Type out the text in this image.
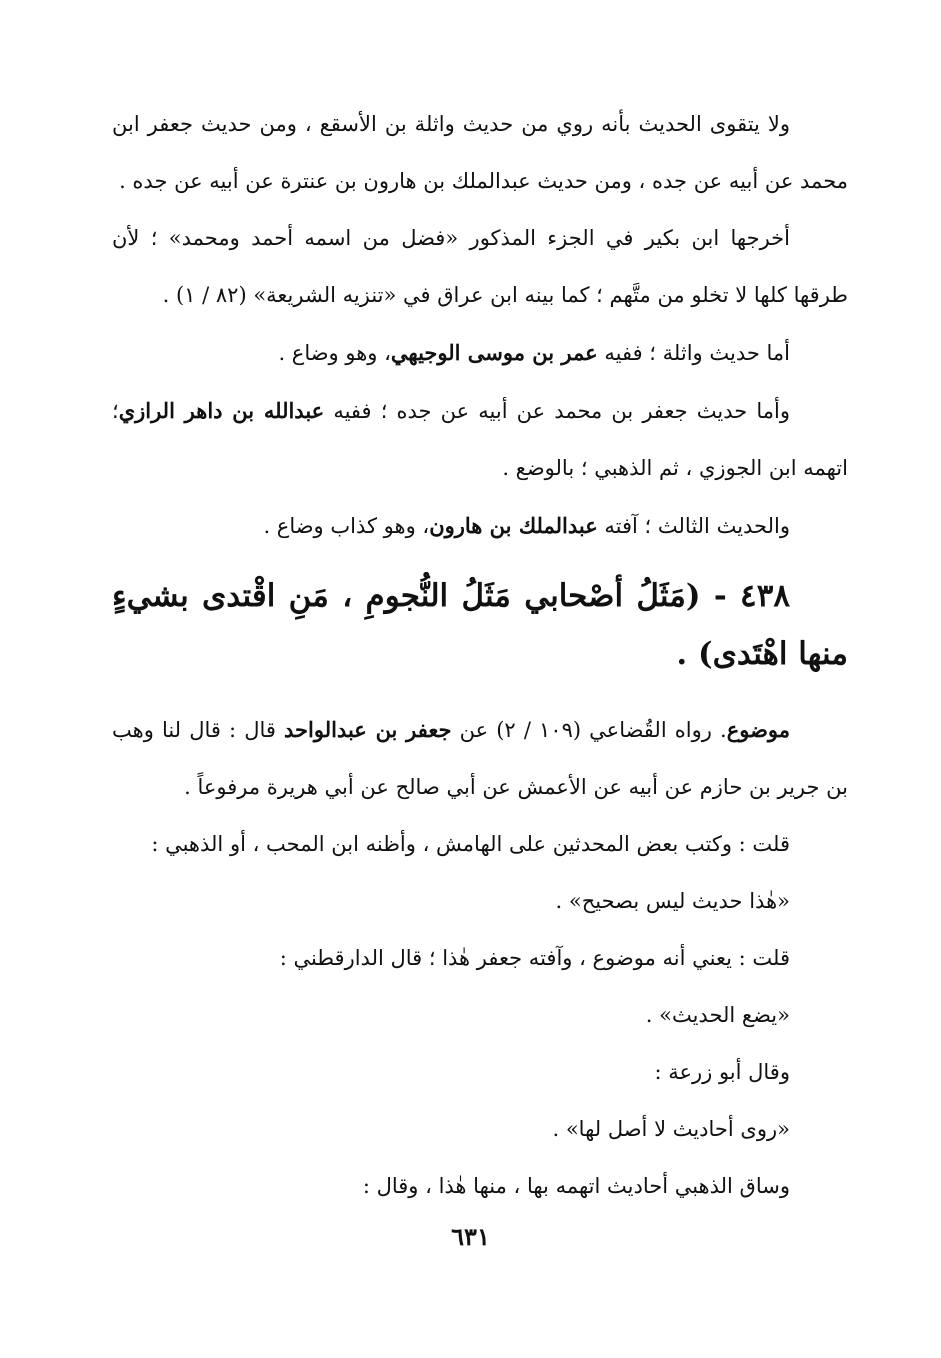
ولا يتقوى الحديث بأنه روي من حديث واثلة بن الأسقع ، ومن حديث جعفر ابن محمد عن أبيه عن جده ، ومن حديث عبدالملك بن هارون بن عنترة عن أبيه عن جده .

أخرجها ابن بكير في الجزء المذكور «فضل من اسمه أحمد ومحمد» ؛ لأن طرقها كلها لا تخلو من متَّهم ؛ كما بينه ابن عراق في «تنزيه الشريعة» (٨٢ / ١) .

أما حديث واثلة ؛ ففيه عمر بن موسى الوجيهي، وهو وضاع .

وأما حديث جعفر بن محمد عن أبيه عن جده ؛ ففيه عبدالله بن داهر الرازي؛ اتهمه ابن الجوزي ، ثم الذهبي ؛ بالوضع .

والحديث الثالث ؛ آفته عبدالملك بن هارون، وهو كذاب وضاع .

٤٣٨ - (مَثَلُ أصْحابي مَثَلُ النُّجومِ ، مَنِ اقْتدى بشيءٍ منها اهْتَدى) .

موضوع. رواه القُضاعي (١٠٩ / ٢) عن جعفر بن عبدالواحد قال : قال لنا وهب بن جرير بن حازم عن أبيه عن الأعمش عن أبي صالح عن أبي هريرة مرفوعاً .

قلت : وكتب بعض المحدثين على الهامش ، وأظنه ابن المحب ، أو الذهبي :

«هٰذا حديث ليس بصحيح» .

قلت : يعني أنه موضوع ، وآفته جعفر هٰذا ؛ قال الدارقطني :

«يضع الحديث» .

وقال أبو زرعة :

«روى أحاديث لا أصل لها» .

وساق الذهبي أحاديث اتهمه بها ، منها هٰذا ، وقال :

٦٣١
